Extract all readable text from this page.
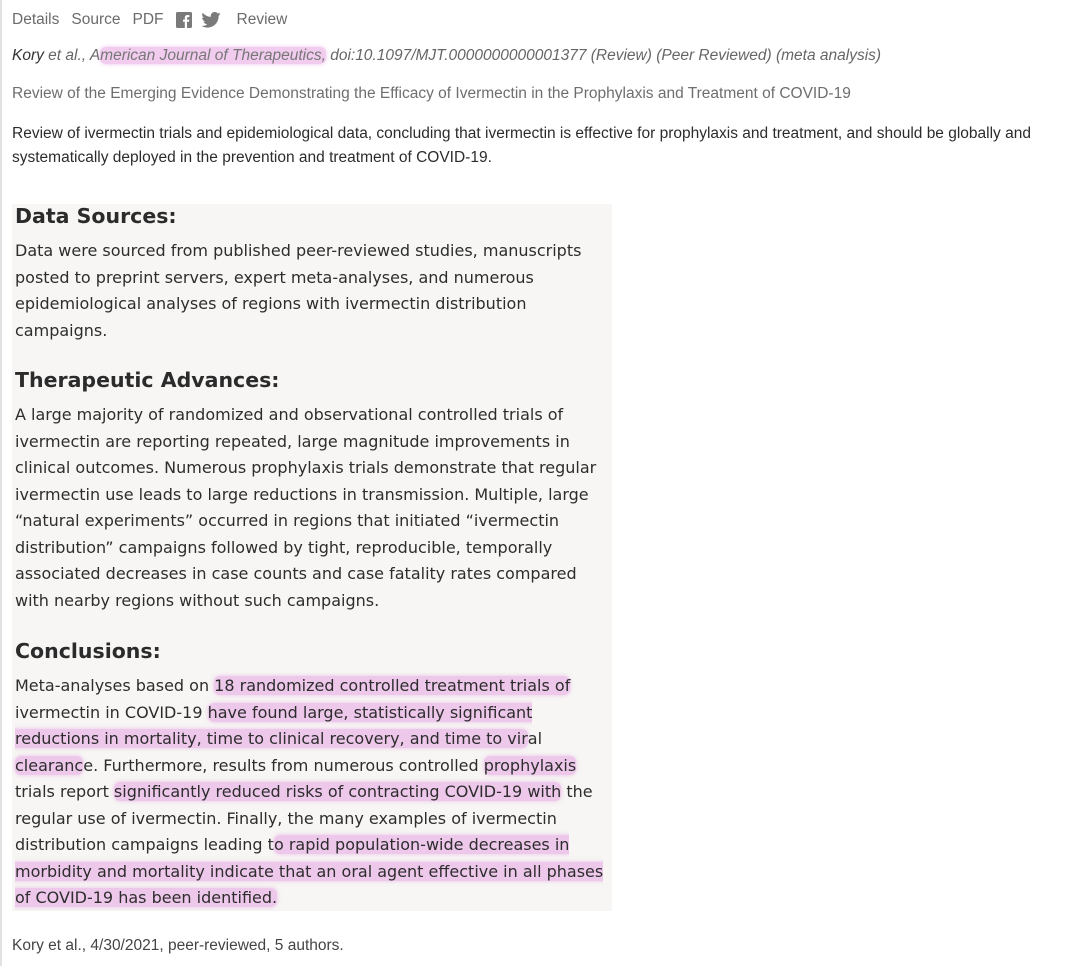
Details Source PDF	Review
Kory et al., American Journal of Therapeutics, doi:10.1097/MJT.0000000000001377 (Review) (Peer Reviewed) (meta analysis)
Review of the Emerging Evidence Demonstrating the Efficacy of Ivermectin in the Prophylaxis and Treatment of COVID-19
Review of ivermectin trials and epidemiological data, concluding that ivermectin is effective for prophylaxis and treatment, and should be globally and systematically deployed in the prevention and treatment of COVID-19.
Data Sources:
Data were sourced from published peer-reviewed studies, manuscripts posted to preprint servers, expert meta-analyses, and numerous epidemiological analyses of regions with ivermectin distribution campaigns.
Therapeutic Advances:
A large majority of randomized and observational controlled trials of ivermectin are reporting repeated, large magnitude improvements in clinical outcomes. Numerous prophylaxis trials demonstrate that regular ivermectin use leads to large reductions in transmission. Multiple, large “natural experiments” occurred in regions that initiated “ivermectin distribution” campaigns followed by tight, reproducible, temporally associated decreases in case counts and case fatality rates compared with nearby regions without such campaigns.
Conclusions:
Meta-analyses based on 18 randomized controlled treatment trials of ivermectin in COVID-19 have found large, statistically significant reductions in mortality, time to clinical recovery, and time to viral clearance. Furthermore, results from numerous controlled prophylaxis trials report significantly reduced risks of contracting COVID-19 with the regular use of ivermectin. Finally, the many examples of ivermectin distribution campaigns leading to rapid population-wide decreases in morbidity and mortality indicate that an oral agent effective in all phases of COVID-19 has been identified.
Kory et al., 4/30/2021, peer-reviewed, 5 authors.
